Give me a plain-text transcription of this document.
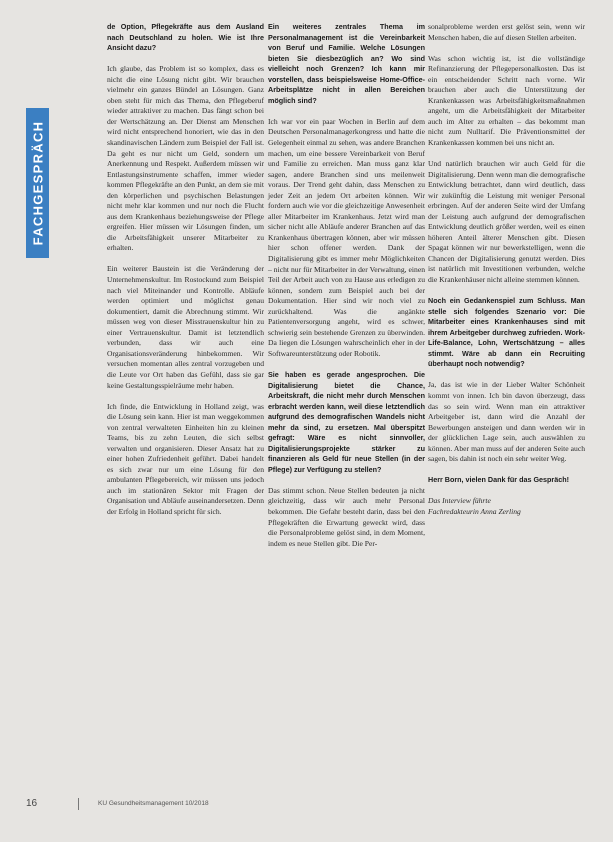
FACHGESPRÄCH

de Option, Pflegekräfte aus dem Ausland nach Deutschland zu holen. Wie ist Ihre Ansicht dazu?

Ich glaube, das Problem ist so komplex, dass es nicht die eine Lösung nicht gibt. Wir brauchen vielmehr ein ganzes Bündel an Lösungen. Ganz oben steht für mich das Thema, den Pflegeberuf wieder attraktiver zu machen. Das fängt schon bei der Wertschätzung an. Der Dienst am Menschen wird nicht entsprechend honoriert, wie das in den skandinavischen Ländern zum Beispiel der Fall ist. Da geht es nur nicht um Geld, sondern um Anerkennung und Respekt. Außerdem müssen wir Entlastungsinstrumente schaffen, immer wieder kommen Pflegekräfte an den Punkt, an dem sie mit den körperlichen und psychischen Belastungen nicht mehr klar kommen und nur noch die Flucht aus dem Krankenhaus beziehungsweise der Pflege ergreifen. Hier müssen wir Lösungen finden, um die Arbeitsfähigkeit unserer Mitarbeiter zu erhalten.

Ein weiterer Baustein ist die Veränderung der Unternehmenskultur. Im Rostockund zum Beispiel nach viel Miteinander und Kontrolle. Abläufe werden optimiert und möglichst genau dokumentiert, damit die Abrechnung stimmt. Wir müssen weg von dieser Misstrauenskultur hin zu einer Vertrauenskultur. Damit ist letztendlich verbunden, dass wir auch eine Organisationsveränderung hinbekommen. Wir versuchen momentan alles zentral vorzugeben und die Leute vor Ort haben das Gefühl, dass sie gar keine Gestaltungsspielräume mehr haben.

Ich finde, die Entwicklung in Holland zeigt, was die Lösung sein kann. Hier ist man weggekommen von zentral verwalteten Einheiten hin zu kleinen Teams, bis zu zehn Leuten, die sich selbst verwalten und organisieren. Dieser Ansatz hat zu einer hohen Zufriedenheit geführt. Dabei handelt es sich zwar nur um eine Lösung für den ambulanten Pflegebereich, wir müssen uns jedoch auch im stationären Sektor mit Fragen der Organisation und Abläufe auseinandersetzen. Denn der Erfolg in Holland spricht für sich.

Ein weiteres zentrales Thema im Personalmanagement ist die Vereinbarkeit von Beruf und Familie. Welche Lösungen bieten Sie diesbezüglich an? Wo sind vielleicht noch Grenzen? Ich kann mir vorstellen, dass beispielsweise Home-Office-Arbeitsplätze nicht in allen Bereichen möglich sind?

Ich war vor ein paar Wochen in Berlin auf dem Deutschen Personalmanagerkongress und hatte die Gelegenheit einmal zu sehen, was andere Branchen machen, um eine bessere Vereinbarkeit von Beruf und Familie zu erreichen. Man muss ganz klar sagen, andere Branchen sind uns meilenweit voraus. Der Trend geht dahin, dass Menschen zu jeder Zeit an jedem Ort arbeiten können. Wir fordern auch wie vor die gleichzeitige Anwesenheit aller Mitarbeiter im Krankenhaus. Jetzt wird man sicher nicht alle Abläufe anderer Branchen auf das Krankenhaus übertragen können, aber wir müssen hier schon offener werden. Dank der Digitalisierung gibt es immer mehr Möglichkeiten – nicht nur für Mitarbeiter in der Verwaltung, einen Teil der Arbeit auch von zu Hause aus erledigen zu können, sondern zum Beispiel auch bei der Dokumentation. Hier sind wir noch viel zu zurückhaltend. Was die angänkte Patientenversorgung angeht, wird es schwer, schwierig sein bestehende Grenzen zu überwinden. Da liegen die Lösungen wahrscheinlich eher in der Softwareunterstützung oder Robotik.

Sie haben es gerade angesprochen. Die Digitalisierung bietet die Chance, Arbeitskraft, die nicht mehr durch Menschen erbracht werden kann, weil diese letztendlich aufgrund des demografischen Wandels nicht mehr da sind, zu ersetzen. Mal überspitzt gefragt: Wäre es nicht sinnvoller, Digitalisierungsprojekte stärker zu finanzieren als Geld für neue Stellen (in der Pflege) zur Verfügung zu stellen?

Das stimmt schon. Neue Stellen bedeuten ja nicht gleichzeitig, dass wir auch mehr Personal bekommen. Die Gefahr besteht darin, dass bei den Pflegekräften die Erwartung geweckt wird, dass die Personalprobleme gelöst sind, in dem Moment, indem es neue Stellen gibt. Die Per-

sonalprobleme werden erst gelöst sein, wenn wir Menschen haben, die auf diesen Stellen arbeiten.

Was schon wichtig ist, ist die vollständige Refinanzierung der Pflegepersonalkosten. Das ist ein entscheidender Schritt nach vorne. Wir brauchen aber auch die Unterstützung der Krankenkassen was Arbeitsfähigkeitsmaßnahmen angeht, um die Arbeitsfähigkeit der Mitarbeiter auch im Alter zu erhalten – das bekommt man nicht zum Nulltarif. Die Präventionsmittel der Krankenkassen kommen bei uns nicht an.

Und natürlich brauchen wir auch Geld für die Digitalisierung. Denn wenn man die demografische Entwicklung betrachtet, dann wird deutlich, dass wir zukünftig die Leistung mit weniger Personal erbringen. Auf der anderen Seite wird der Umfang der Leistung auch aufgrund der demografischen Entwicklung deutlich größer werden, weil es einen höheren Anteil älterer Menschen gibt. Diesen Spagat können wir nur bewerkstelligen, wenn die Chancen der Digitalisierung genutzt werden. Dies ist natürlich mit Investitionen verbunden, welche die Krankenhäuser nicht alleine stemmen können.

Noch ein Gedankenspiel zum Schluss. Man stelle sich folgendes Szenario vor: Die Mitarbeiter eines Krankenhauses sind mit ihrem Arbeitgeber durchweg zufrieden. Work-Life-Balance, Lohn, Wertschätzung – alles stimmt. Wäre ab dann ein Recruiting überhaupt noch notwendig?

Ja, das ist wie in der Lieber Walter Schönheit kommt von innen. Ich bin davon überzeugt, dass das so sein wird. Wenn man ein attraktiver Arbeitgeber ist, dann wird die Anzahl der Bewerbungen ansteigen und dann werden wir in der glücklichen Lage sein, auch auswählen zu können. Aber man muss auf der anderen Seite auch sagen, bis dahin ist noch ein sehr weiter Weg.

Herr Born, vielen Dank für das Gespräch!

Das Interview führte
Fachredakteurin Anna Zerling

16	KU Gesundheitsmanagement 10/2018
